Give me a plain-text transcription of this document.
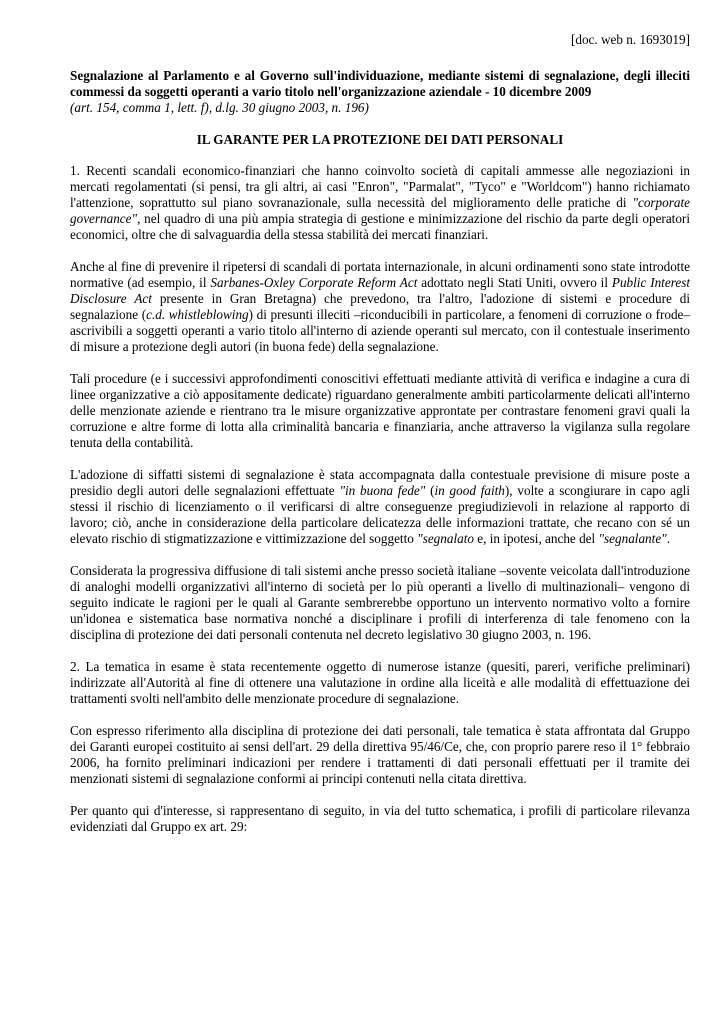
[doc. web n. 1693019]
Segnalazione al Parlamento e al Governo sull'individuazione, mediante sistemi di segnalazione, degli illeciti commessi da soggetti operanti a vario titolo nell'organizzazione aziendale - 10 dicembre 2009
(art. 154, comma 1, lett. f), d.lg. 30 giugno 2003, n. 196)
IL GARANTE PER LA PROTEZIONE DEI DATI PERSONALI

1. Recenti scandali economico-finanziari che hanno coinvolto società di capitali ammesse alle negoziazioni in mercati regolamentati (si pensi, tra gli altri, ai casi "Enron", "Parmalat", "Tyco" e "Worldcom") hanno richiamato l'attenzione, soprattutto sul piano sovranazionale, sulla necessità del miglioramento delle pratiche di "corporate governance", nel quadro di una più ampia strategia di gestione e minimizzazione del rischio da parte degli operatori economici, oltre che di salvaguardia della stessa stabilità dei mercati finanziari.

Anche al fine di prevenire il ripetersi di scandali di portata internazionale, in alcuni ordinamenti sono state introdotte normative (ad esempio, il Sarbanes-Oxley Corporate Reform Act adottato negli Stati Uniti, ovvero il Public Interest Disclosure Act presente in Gran Bretagna) che prevedono, tra l'altro, l'adozione di sistemi e procedure di segnalazione (c.d. whistleblowing) di presunti illeciti –riconducibili in particolare, a fenomeni di corruzione o frode– ascrivibili a soggetti operanti a vario titolo all'interno di aziende operanti sul mercato, con il contestuale inserimento di misure a protezione degli autori (in buona fede) della segnalazione.

Tali procedure (e i successivi approfondimenti conoscitivi effettuati mediante attività di verifica e indagine a cura di linee organizzative a ciò appositamente dedicate) riguardano generalmente ambiti particolarmente delicati all'interno delle menzionate aziende e rientrano tra le misure organizzative approntate per contrastare fenomeni gravi quali la corruzione e altre forme di lotta alla criminalità bancaria e finanziaria, anche attraverso la vigilanza sulla regolare tenuta della contabilità.

L'adozione di siffatti sistemi di segnalazione è stata accompagnata dalla contestuale previsione di misure poste a presidio degli autori delle segnalazioni effettuate "in buona fede" (in good faith), volte a scongiurare in capo agli stessi il rischio di licenziamento o il verificarsi di altre conseguenze pregiudizievoli in relazione al rapporto di lavoro; ciò, anche in considerazione della particolare delicatezza delle informazioni trattate, che recano con sé un elevato rischio di stigmatizzazione e vittimizzazione del soggetto "segnalato e, in ipotesi, anche del "segnalante".

Considerata la progressiva diffusione di tali sistemi anche presso società italiane –sovente veicolata dall'introduzione di analoghi modelli organizzativi all'interno di società per lo più operanti a livello di multinazionali– vengono di seguito indicate le ragioni per le quali al Garante sembrerebbe opportuno un intervento normativo volto a fornire un'idonea e sistematica base normativa nonché a disciplinare i profili di interferenza di tale fenomeno con la disciplina di protezione dei dati personali contenuta nel decreto legislativo 30 giugno 2003, n. 196.

2. La tematica in esame è stata recentemente oggetto di numerose istanze (quesiti, pareri, verifiche preliminari) indirizzate all'Autorità al fine di ottenere una valutazione in ordine alla liceità e alle modalità di effettuazione dei trattamenti svolti nell'ambito delle menzionate procedure di segnalazione.

Con espresso riferimento alla disciplina di protezione dei dati personali, tale tematica è stata affrontata dal Gruppo dei Garanti europei costituito ai sensi dell'art. 29 della direttiva 95/46/Ce, che, con proprio parere reso il 1° febbraio 2006, ha fornito preliminari indicazioni per rendere i trattamenti di dati personali effettuati per il tramite dei menzionati sistemi di segnalazione conformi ai principi contenuti nella citata direttiva.

Per quanto qui d'interesse, si rappresentano di seguito, in via del tutto schematica, i profili di particolare rilevanza evidenziati dal Gruppo ex art. 29:
